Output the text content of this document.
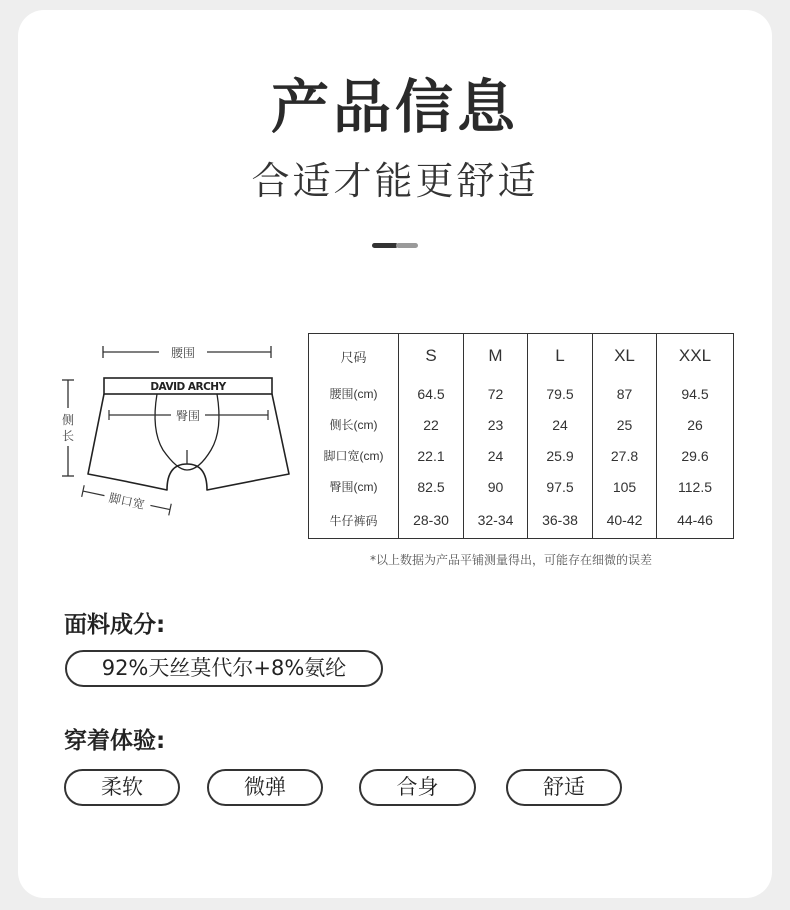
产品信息
合适才能更舒适
腰围
侧
长
DAVID ARCHY
臀围
脚口宽
尺码	S	M	L	XL	XXL
腰围(cm)	64.5	72	79.5	87	94.5
侧长(cm)	22	23	24	25	26
脚口宽(cm)	22.1	24	25.9	27.8	29.6
臀围(cm)	82.5	90	97.5	105	112.5
牛仔裤码	28-30	32-34	36-38	40-42	44-46
*以上数据为产品平铺测量得出，可能存在细微的误差
面料成分:
92%天丝莫代尔+8%氨纶
穿着体验:
柔软	微弹	合身	舒适
